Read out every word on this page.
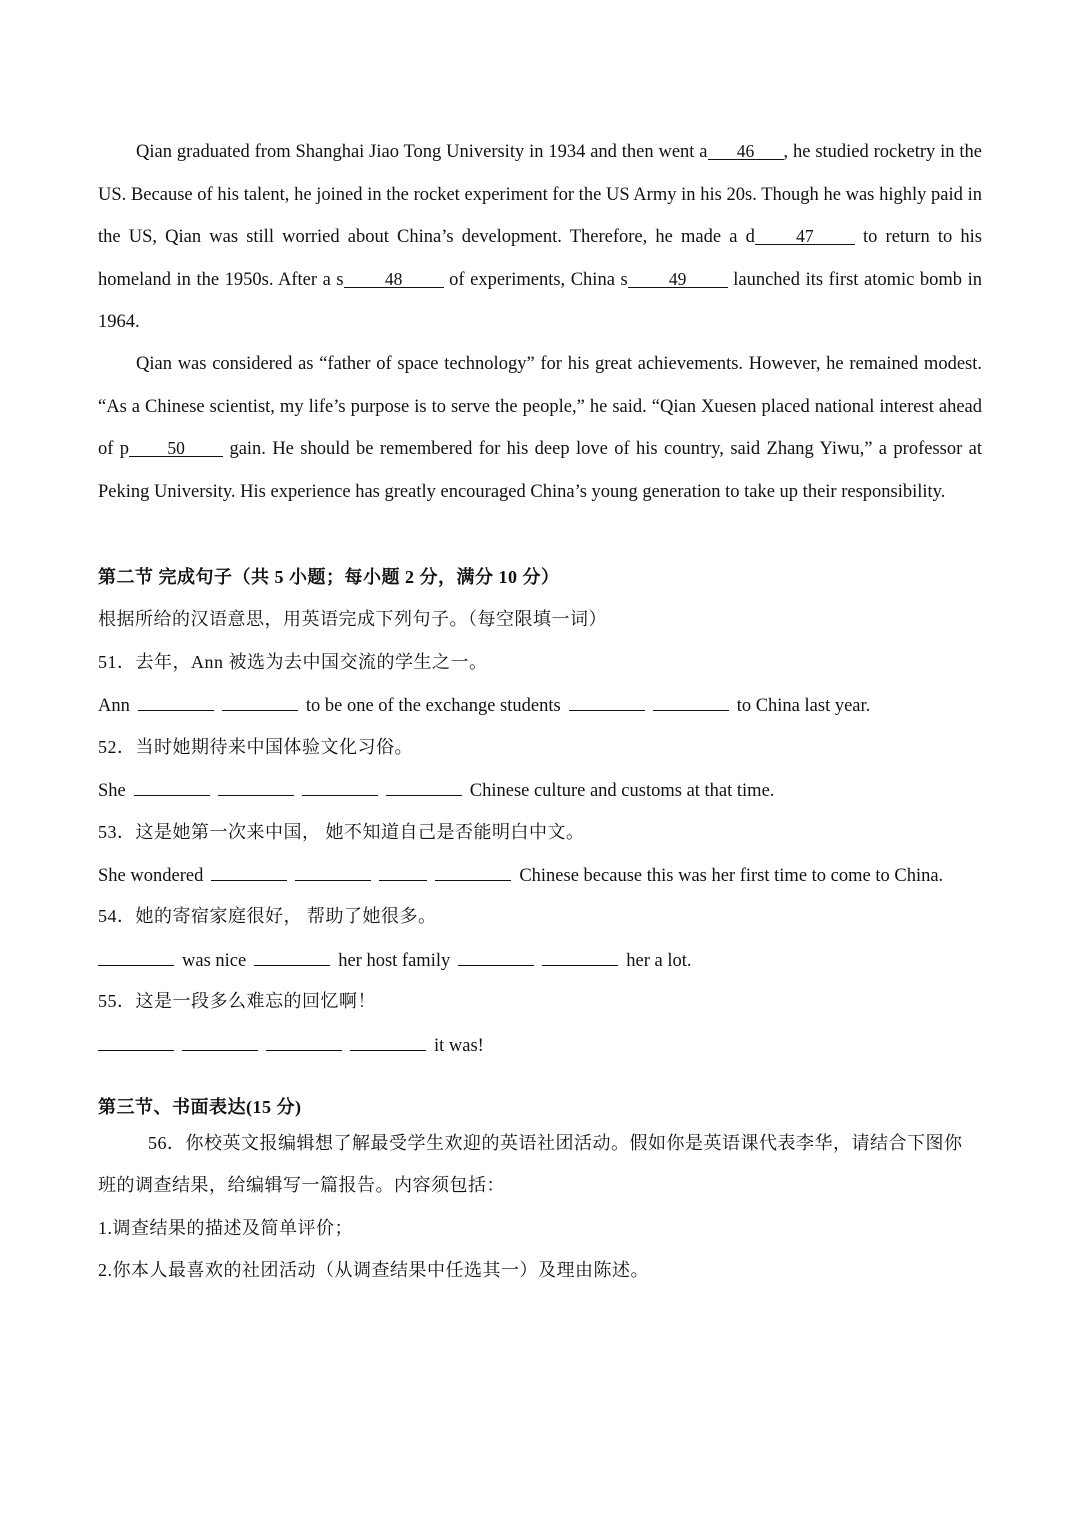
Qian graduated from Shanghai Jiao Tong University in 1934 and then went a 46 , he studied rocketry in the US. Because of his talent, he joined in the rocket experiment for the US Army in his 20s. Though he was highly paid in the US, Qian was still worried about China’s development. Therefore, he made a d 47 to return to his homeland in the 1950s. After a s 48 of experiments, China s 49 launched its first atomic bomb in 1964.

Qian was considered as “father of space technology” for his great achievements. However, he remained modest. “As a Chinese scientist, my life’s purpose is to serve the people,” he said. “Qian Xuesen placed national interest ahead of p 50 gain. He should be remembered for his deep love of his country, said Zhang Yiwu,” a professor at Peking University. His experience has greatly encouraged China’s young generation to take up their responsibility.

第二节 完成句子（共 5 小题；每小题 2 分，满分 10 分）
根据所给的汉语意思，用英语完成下列句子。（每空限填一词）
51．去年，Ann 被选为去中国交流的学生之一。
Ann	to be one of the exchange students	to China last year.
52．当时她期待来中国体验文化习俗。
She	Chinese culture and customs at that time.
53．这是她第一次来中国， 她不知道自己是否能明白中文。
She wondered	Chinese because this was her first time to come to China.
54．她的寄宿家庭很好， 帮助了她很多。
was nice	her host family	her a lot.
55．这是一段多么难忘的回忆啊！
it was!
第三节、书面表达(15 分)
56．你校英文报编辑想了解最受学生欢迎的英语社团活动。假如你是英语课代表李华，请结合下图你
班的调查结果，给编辑写一篇报告。内容须包括：
1.调查结果的描述及简单评价；
2.你本人最喜欢的社团活动（从调查结果中任选其一）及理由陈述。
